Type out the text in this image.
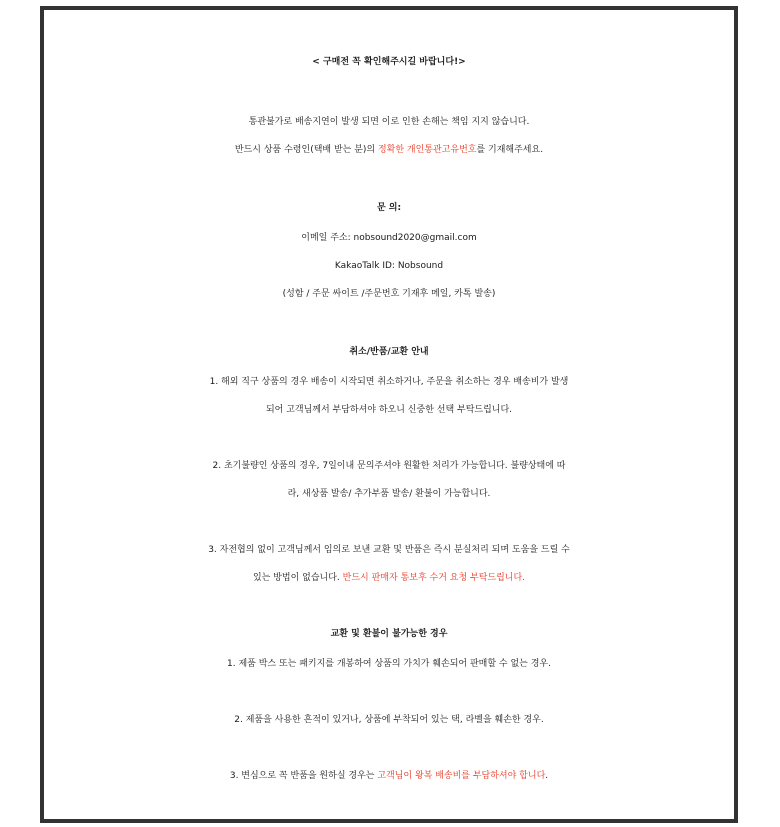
< 구매전 꼭 확인해주시길 바랍니다!>
통관불가로 배송지연이 발생 되면 이로 인한 손해는 책임 지지 않습니다.
반드시 상품 수령인(택배 받는 분)의 정확한 개인통관고유번호를 기재해주세요.
문 의:
이메일 주소: nobsound2020@gmail.com
KakaoTalk ID: Nobsound
(성함 / 주문 싸이트 /주문번호 기재후 메일, 카톡 발송)
취소/반품/교환 안내
1. 해외 직구 상품의 경우 배송이 시작되면 취소하거나, 주문을 취소하는 경우 배송비가 발생
되어 고객님께서 부담하셔야 하오니 신중한 선택 부탁드립니다.
2. 초기불량인 상품의 경우, 7일이내 문의주셔야 원활한 처리가 가능합니다. 불량상태에 따
라, 새상품 발송/ 추가부품 발송/ 환불이 가능합니다.
3. 자전협의 없이 고객님께서 임의로 보낸 교환 및 반품은 즉시 분실처리 되며 도움을 드릴 수
있는 방법이 없습니다. 반드시 판매자 통보후 수거 요청 부탁드립니다.
교환 및 환불이 불가능한 경우
1. 제품 박스 또는 패키지를 개봉하여 상품의 가치가 훼손되어 판매할 수 없는 경우.
2. 제품을 사용한 흔적이 있거나, 상품에 부착되어 있는 택, 라벨을 훼손한 경우.
3. 변심으로 꼭 반품을 원하실 경우는 고객님이 왕복 배송비를 부담하셔야 합니다.
